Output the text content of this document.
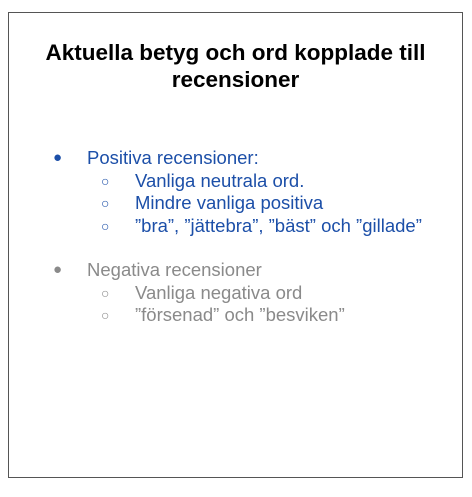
Aktuella betyg och ord kopplade till
recensioner
● Positiva recensioner:
○ Vanliga neutrala ord.
○ Mindre vanliga positiva
○ ”bra”, ”jättebra”, ”bäst” och ”gillade”
● Negativa recensioner
○ Vanliga negativa ord
○ ”försenad” och ”besviken”
